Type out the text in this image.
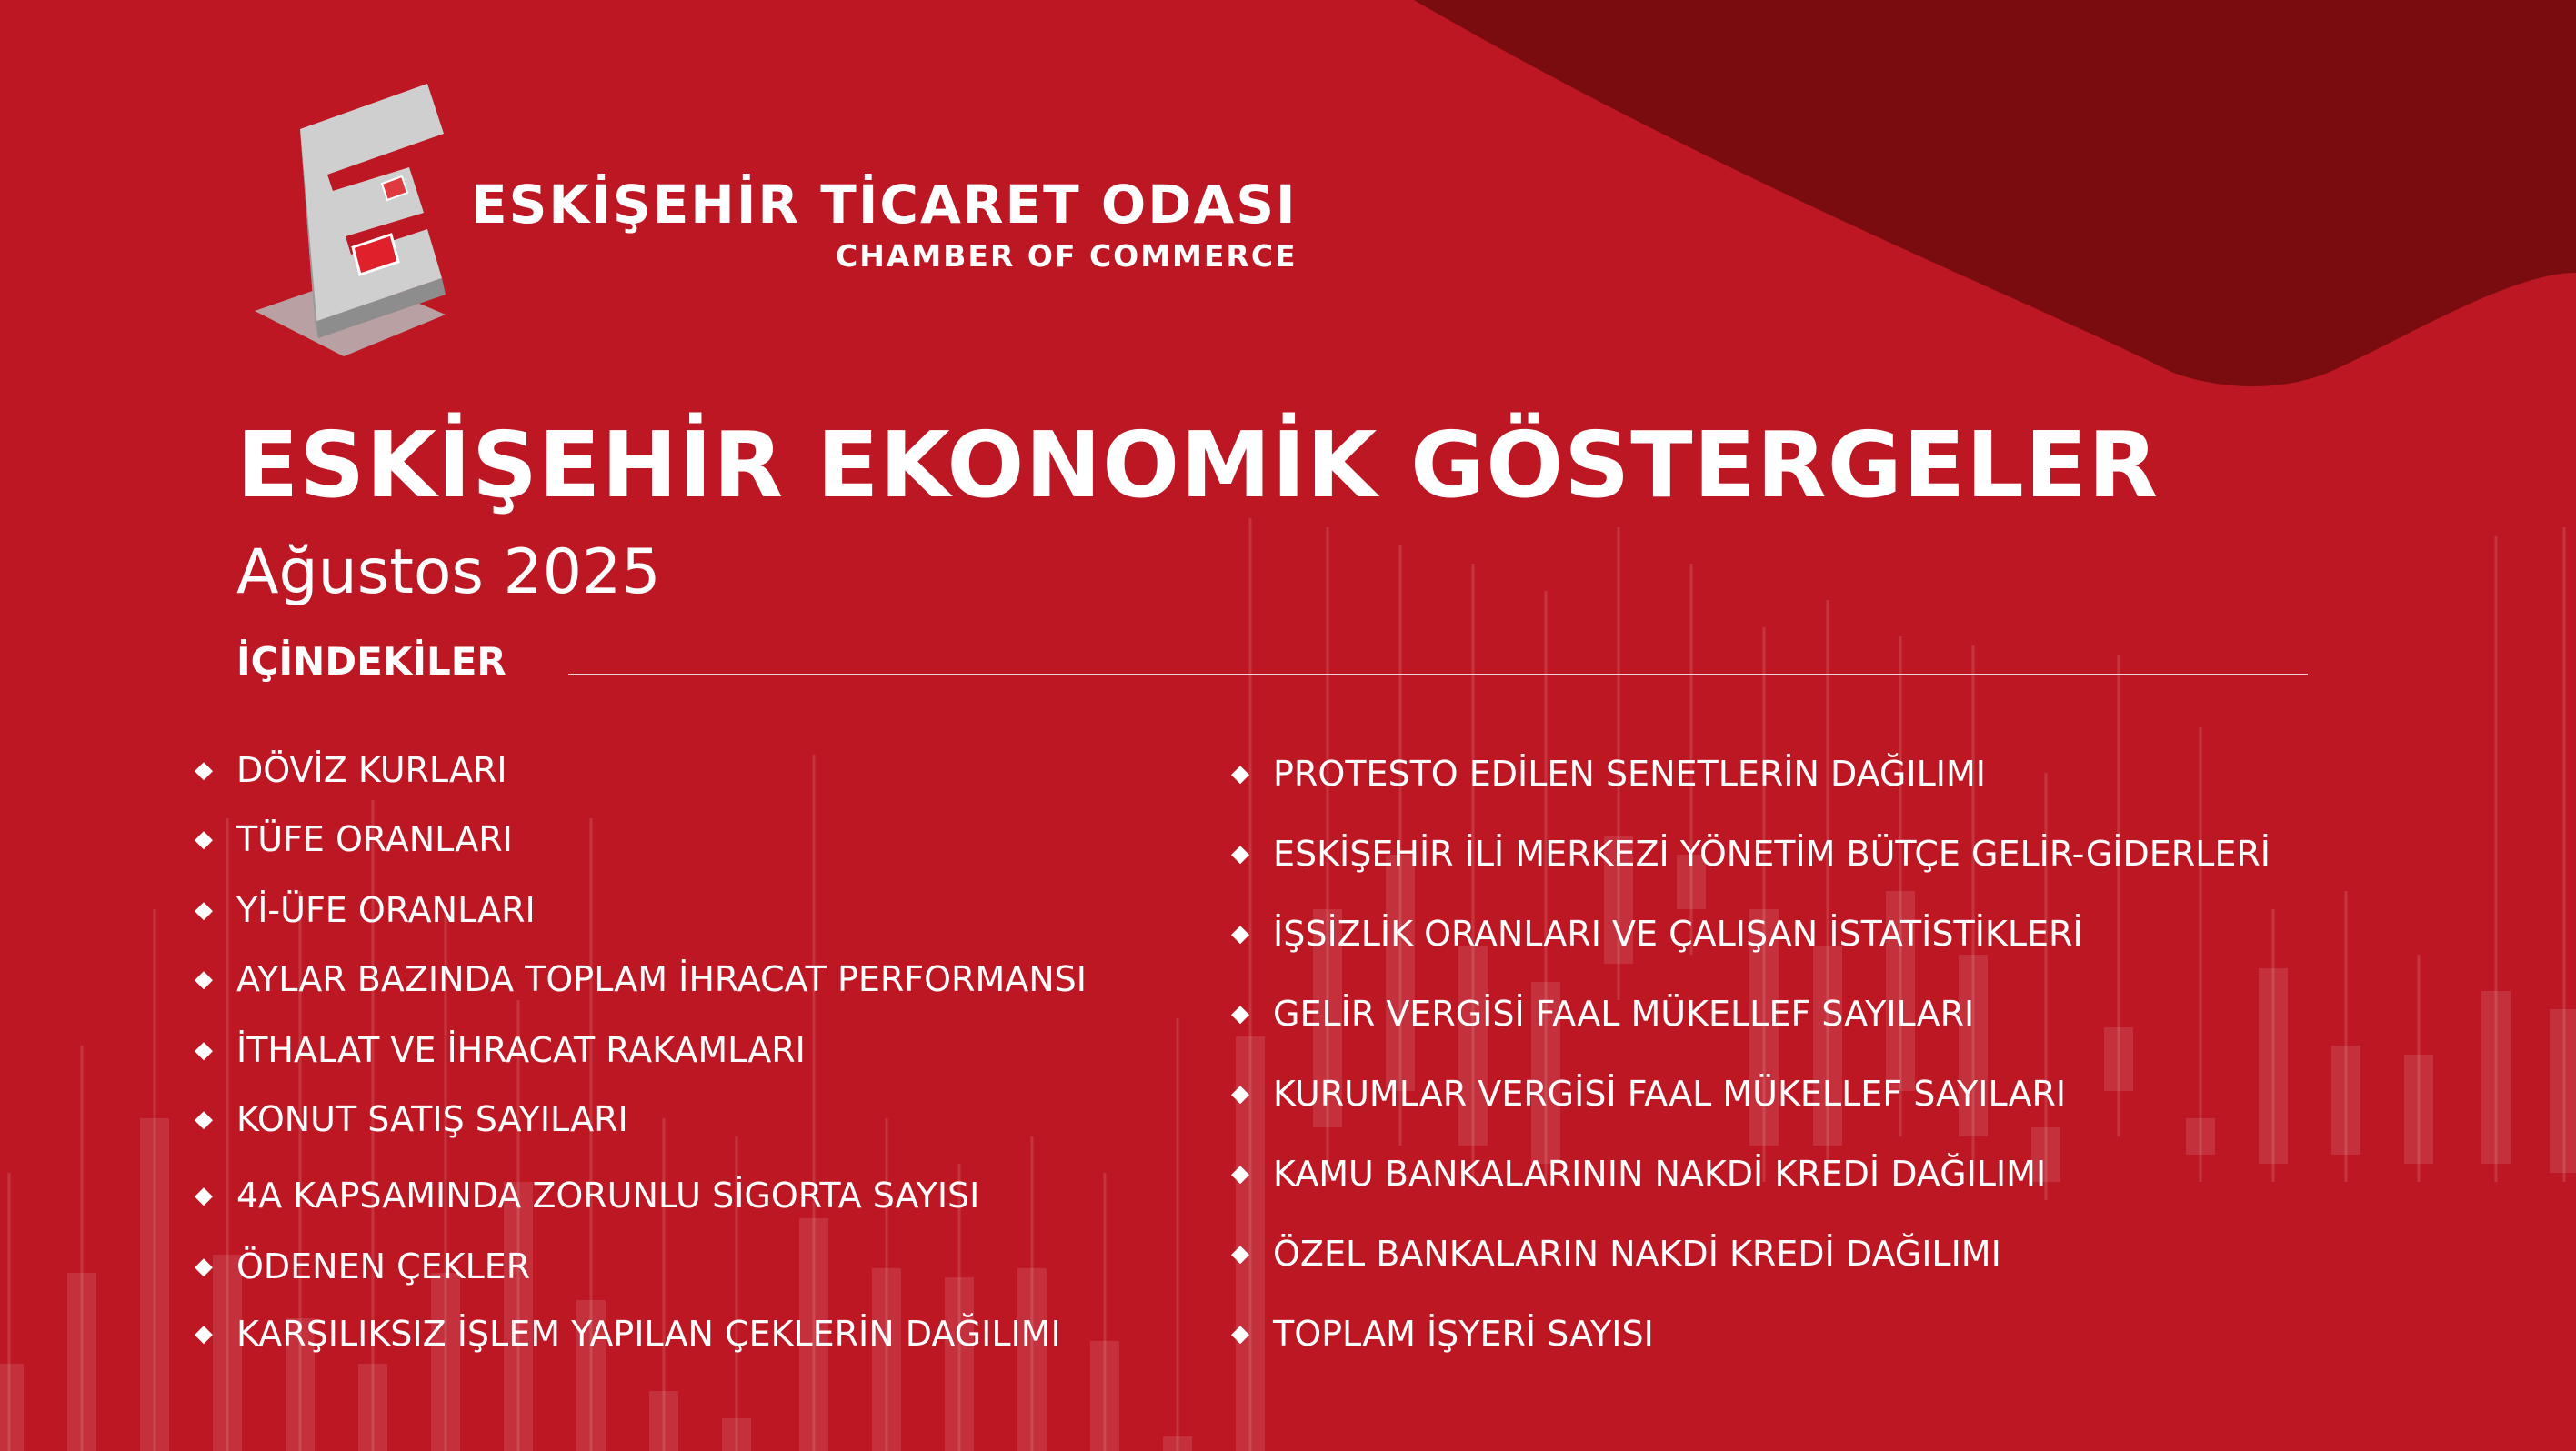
ESKİŞEHİR TİCARET ODASI
CHAMBER OF COMMERCE
ESKİŞEHİR EKONOMİK GÖSTERGELER
Ağustos 2025
İÇİNDEKİLER
◆ DÖVİZ KURLARI
◆ TÜFE ORANLARI
◆ Yİ-ÜFE ORANLARI
◆ AYLAR BAZINDA TOPLAM İHRACAT PERFORMANSI
◆ İTHALAT VE İHRACAT RAKAMLARI
◆ KONUT SATIŞ SAYILARI
◆ 4A KAPSAMINDA ZORUNLU SİGORTA SAYISI
◆ ÖDENEN ÇEKLER
◆ KARŞILIKSIZ İŞLEM YAPILAN ÇEKLERİN DAĞILIMI
◆ PROTESTO EDİLEN SENETLERİN DAĞILIMI
◆ ESKİŞEHİR İLİ MERKEZİ YÖNETİM BÜTÇE GELİR-GİDERLERİ
◆ İŞSİZLİK ORANLARI VE ÇALIŞAN İSTATİSTİKLERİ
◆ GELİR VERGİSİ FAAL MÜKELLEF SAYILARI
◆ KURUMLAR VERGİSİ FAAL MÜKELLEF SAYILARI
◆ KAMU BANKALARININ NAKDİ KREDİ DAĞILIMI
◆ ÖZEL BANKALARIN NAKDİ KREDİ DAĞILIMI
◆ TOPLAM İŞYERİ SAYISI
